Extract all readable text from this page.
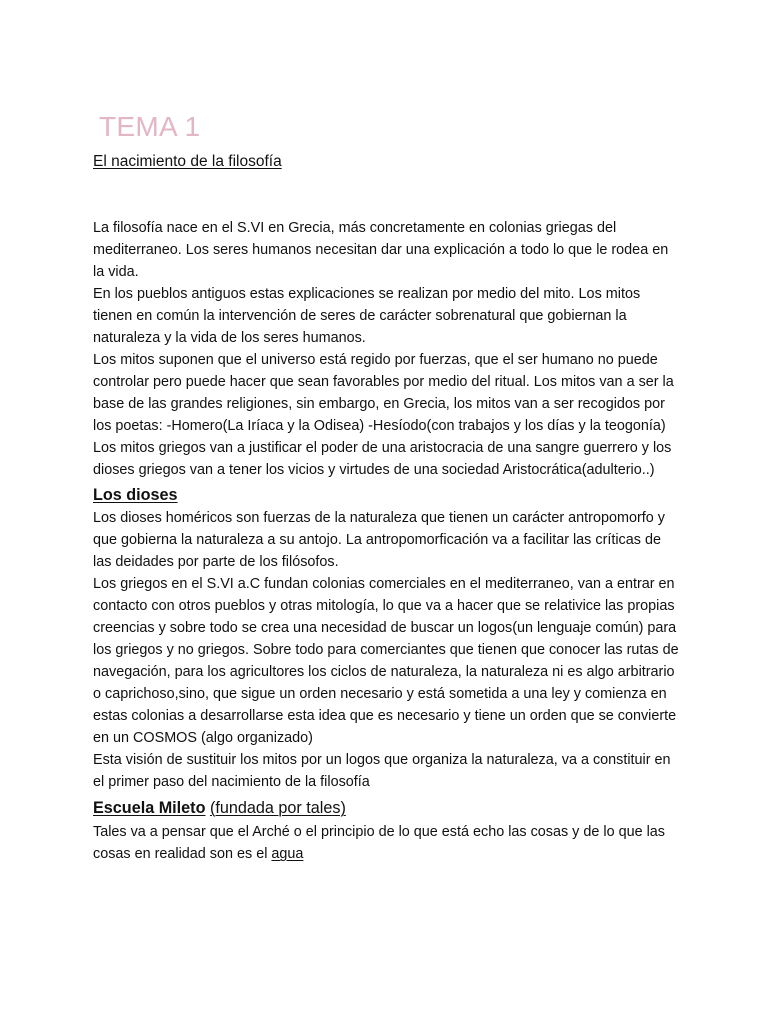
TEMA 1
El nacimiento de la filosofía

La filosofía nace en el S.VI en Grecia, más concretamente en colonias griegas del mediterraneo. Los seres humanos necesitan dar una explicación a todo lo que le rodea en la vida.

En los pueblos antiguos estas explicaciones se realizan por medio del mito. Los mitos tienen en común la intervención de seres de carácter sobrenatural que gobiernan la naturaleza y la vida de los seres humanos.

Los mitos suponen que el universo está regido por fuerzas, que el ser humano no puede controlar pero puede hacer que sean favorables por medio del ritual. Los mitos van a ser la base de las grandes religiones, sin embargo, en Grecia, los mitos van a ser recogidos por los poetas: -Homero(La Iríaca y la Odisea) -Hesíodo(con trabajos y los días y la teogonía)

Los mitos griegos van a justificar el poder de una aristocracia de una sangre guerrero y los dioses griegos van a tener los vicios y virtudes de una sociedad Aristocrática(adulterio..)

Los dioses

Los dioses homéricos son fuerzas de la naturaleza que tienen un carácter antropomorfo y que gobierna la naturaleza a su antojo. La antropomorficación va a facilitar las críticas de las deidades por parte de los filósofos.

Los griegos en el S.VI a.C fundan colonias comerciales en el mediterraneo, van a entrar en contacto con otros pueblos y otras mitología, lo que va a hacer que se relativice las propias creencias y sobre todo se crea una necesidad de buscar un logos(un lenguaje común) para los griegos y no griegos. Sobre todo para comerciantes que tienen que conocer las rutas de navegación, para los agricultores los ciclos de naturaleza, la naturaleza ni es algo arbitrario o caprichoso,sino, que sigue un orden necesario y está sometida a una ley y comienza en estas colonias a desarrollarse esta idea que es necesario y tiene un orden que se convierte en un COSMOS (algo organizado)

Esta visión de sustituir los mitos por un logos que organiza la naturaleza, va a constituir en el primer paso del nacimiento de la filosofía

Escuela Mileto (fundada por tales)

Tales va a pensar que el Arché o el principio de lo que está echo las cosas y de lo que las cosas en realidad son es el agua
